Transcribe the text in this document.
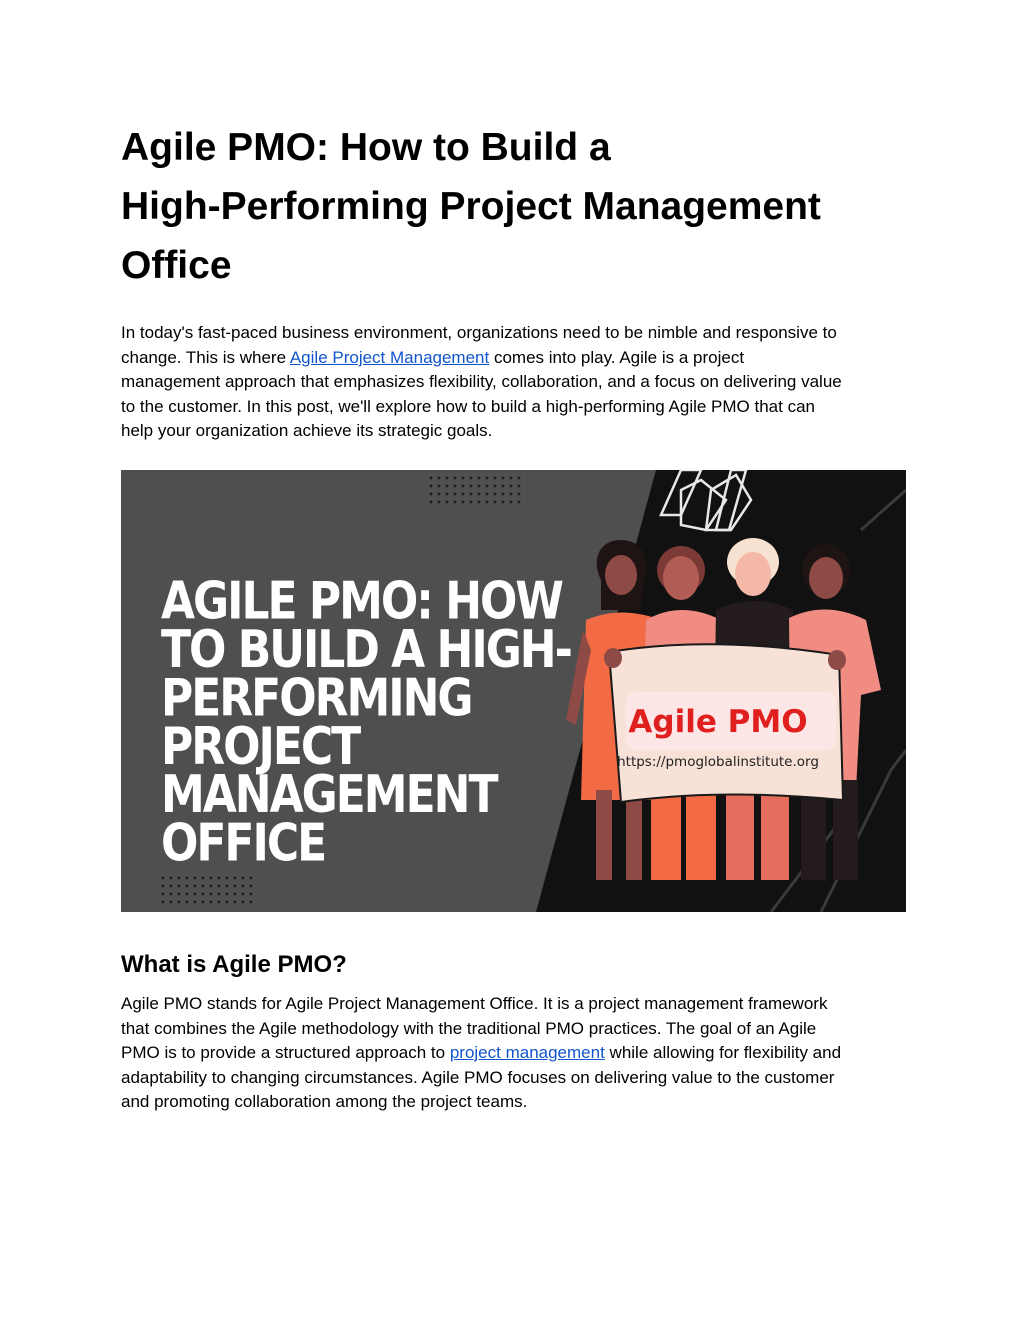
Agile PMO: How to Build a
High-Performing Project Management
Office
In today's fast-paced business environment, organizations need to be nimble and responsive to
change. This is where Agile Project Management comes into play. Agile is a project
management approach that emphasizes flexibility, collaboration, and a focus on delivering value
to the customer. In this post, we'll explore how to build a high-performing Agile PMO that can
help your organization achieve its strategic goals.
What is Agile PMO?
Agile PMO stands for Agile Project Management Office. It is a project management framework
that combines the Agile methodology with the traditional PMO practices. The goal of an Agile
PMO is to provide a structured approach to project management while allowing for flexibility and
adaptability to changing circumstances. Agile PMO focuses on delivering value to the customer
and promoting collaboration among the project teams.
AGILE PMO: HOW
TO BUILD A HIGH-
PERFORMING
PROJECT
MANAGEMENT
OFFICE
Agile PMO
https://pmoglobalinstitute.org
